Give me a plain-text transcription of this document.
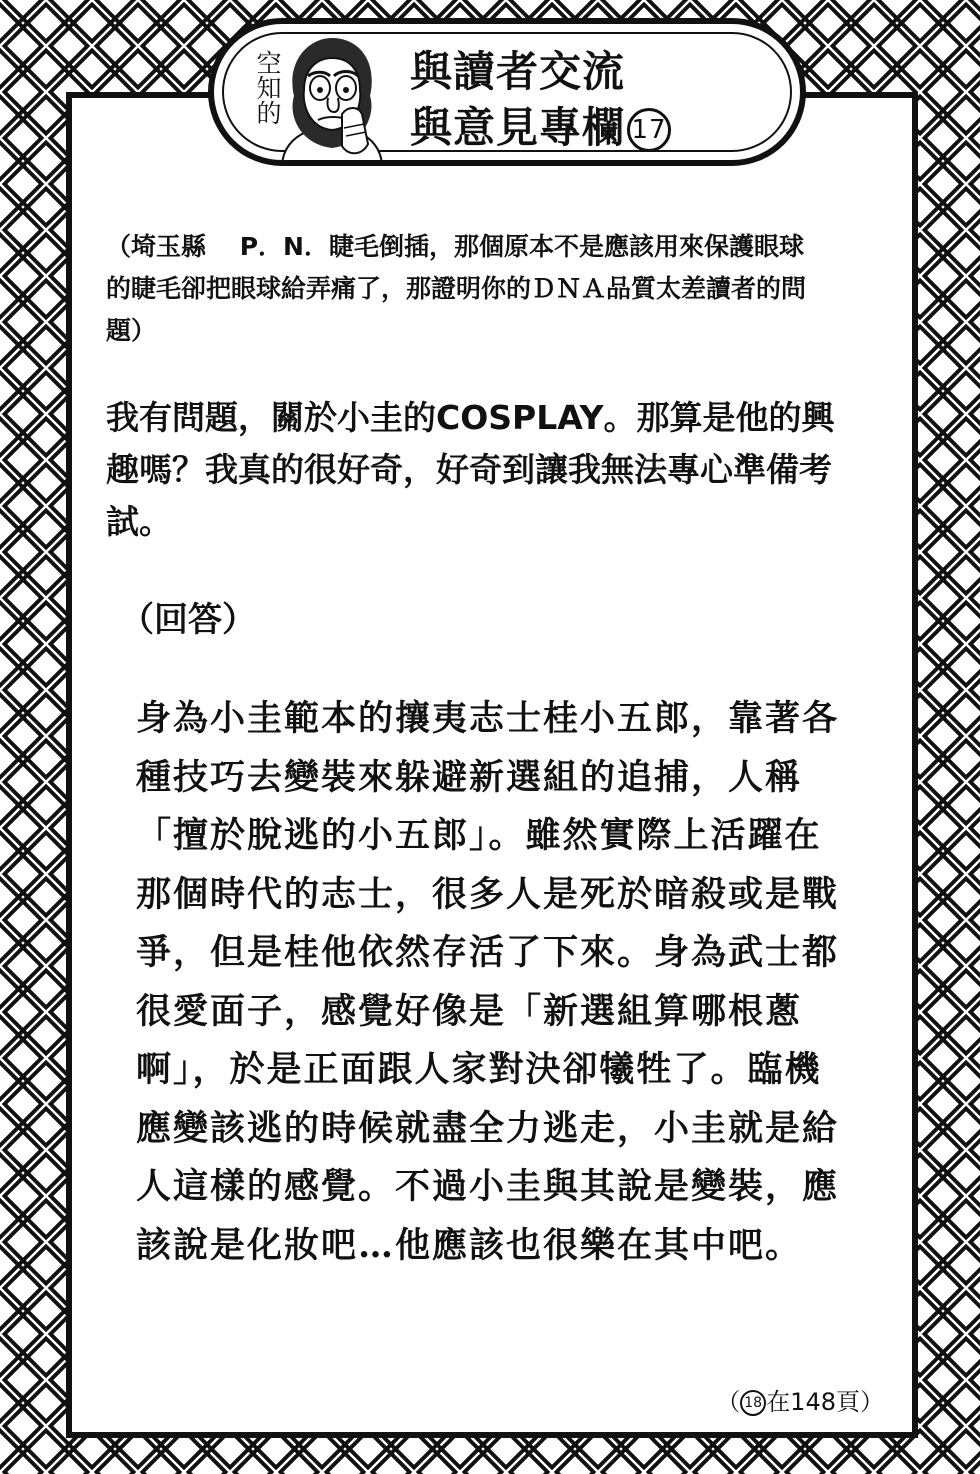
空知的	與讀者交流
與意見專欄 17
（埼玉縣　 P．N．睫毛倒插，那個原本不是應該用來保護眼球的睫毛卻把眼球給弄痛了，那證明你的ＤＮＡ品質太差讀者的問題）
我有問題，關於小圭的COSPLAY。那算是他的興趣嗎？我真的很好奇，好奇到讓我無法專心準備考試。
（回答）
身為小圭範本的攘夷志士桂小五郎，靠著各種技巧去變裝來躲避新選組的追捕，人稱「擅於脫逃的小五郎」。雖然實際上活躍在那個時代的志士，很多人是死於暗殺或是戰爭，但是桂他依然存活了下來。身為武士都很愛面子，感覺好像是「新選組算哪根蔥啊」，於是正面跟人家對決卻犧牲了。臨機應變該逃的時候就盡全力逃走，小圭就是給人這樣的感覺。不過小圭與其說是變裝，應該說是化妝吧…他應該也很樂在其中吧。
（ 18 在148頁）
